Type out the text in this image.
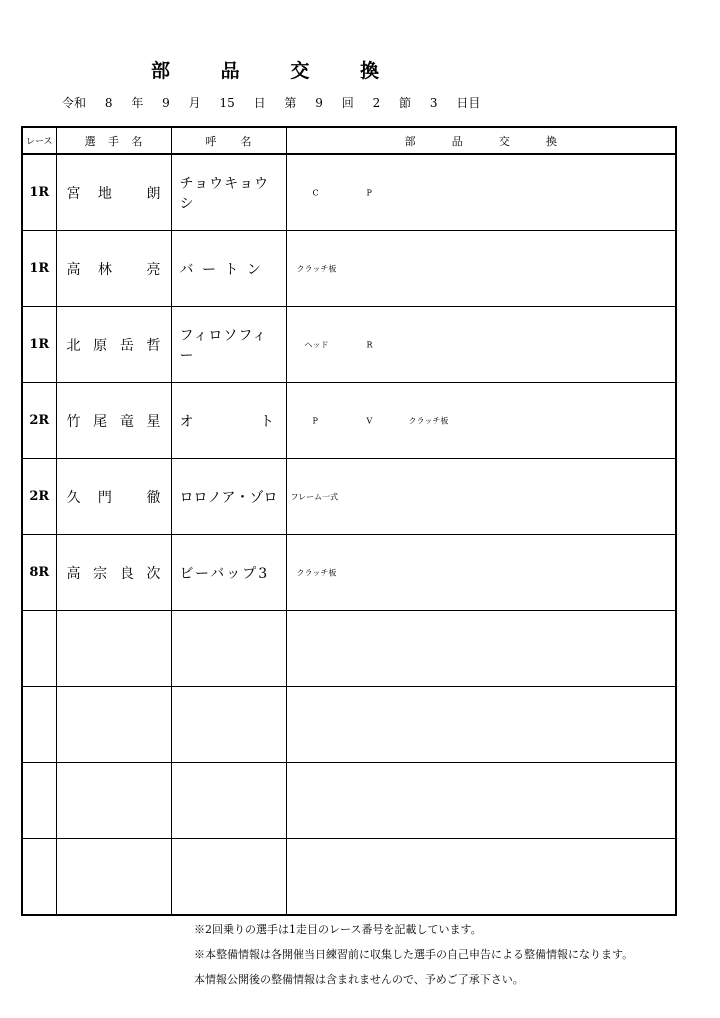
部	品	交	換
令和 8 年 9 月 15 日 第 9 回 2 節 3 日目
レース	選 手 名	呼 名	部 品 交 換

1R	宮 地 朗	チョウキョウシ	C P

1R	高 林 亮	バ ー ト ン	クラッチ板

1R	北 原 岳 哲	フィロソフィー	ヘッド R

2R	竹 尾 竜 星	オ ト	P V クラッチ板

2R	久 門 徹	ロロノア・ゾロ	フレーム一式

8R	高 宗 良 次	ビーバップ3	クラッチ板

※2回乗りの選手は1走目のレース番号を記載しています。
※本整備情報は各開催当日練習前に収集した選手の自己申告による整備情報になります。
本情報公開後の整備情報は含まれませんので、予めご了承下さい。
